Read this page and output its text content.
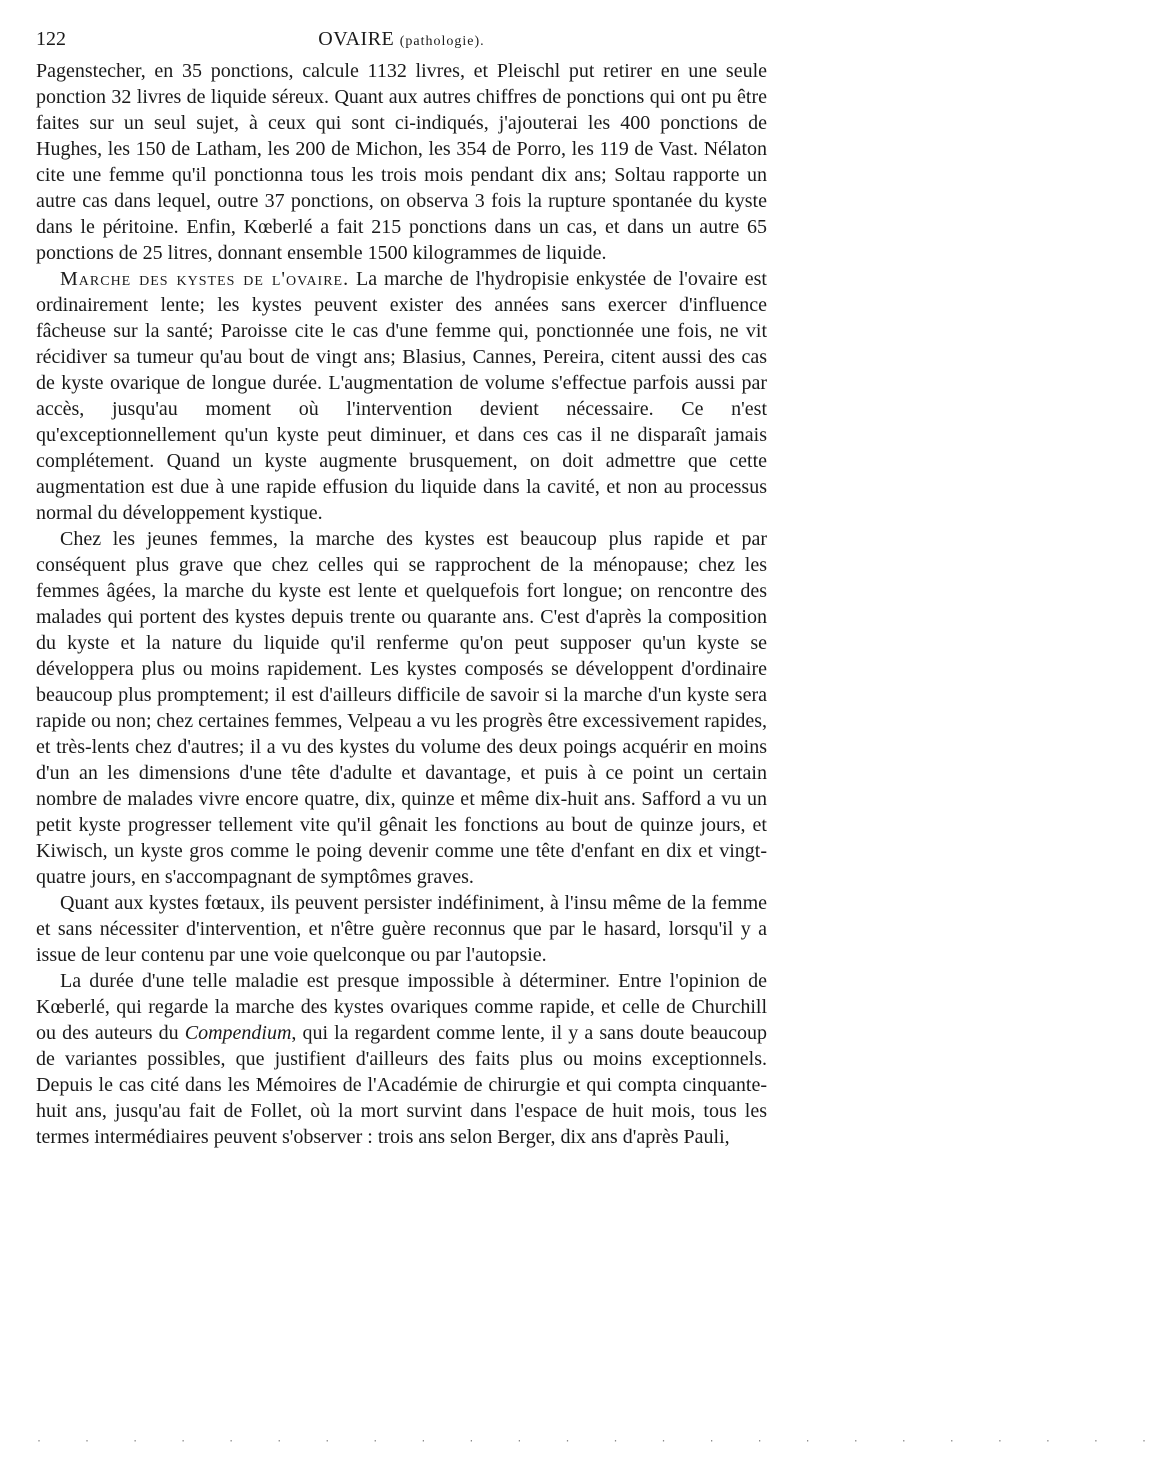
122	OVAIRE (pathologie).

Pagenstecher, en 35 ponctions, calcule 1132 livres, et Pleischl put retirer en une seule ponction 32 livres de liquide séreux. Quant aux autres chiffres de ponctions qui ont pu être faites sur un seul sujet, à ceux qui sont ci-indiqués, j'ajouterai les 400 ponctions de Hughes, les 150 de Latham, les 200 de Michon, les 354 de Porro, les 119 de Vast. Nélaton cite une femme qu'il ponctionna tous les trois mois pendant dix ans; Soltau rapporte un autre cas dans lequel, outre 37 ponctions, on observa 3 fois la rupture spontanée du kyste dans le péritoine. Enfin, Kœberlé a fait 215 ponctions dans un cas, et dans un autre 65 ponctions de 25 litres, donnant ensemble 1500 kilogrammes de liquide.

Marche des kystes de l'ovaire. La marche de l'hydropisie enkystée de l'ovaire est ordinairement lente; les kystes peuvent exister des années sans exercer d'influence fâcheuse sur la santé; Paroisse cite le cas d'une femme qui, ponctionnée une fois, ne vit récidiver sa tumeur qu'au bout de vingt ans; Blasius, Cannes, Pereira, citent aussi des cas de kyste ovarique de longue durée. L'augmentation de volume s'effectue parfois aussi par accès, jusqu'au moment où l'intervention devient nécessaire. Ce n'est qu'exceptionnellement qu'un kyste peut diminuer, et dans ces cas il ne disparaît jamais complétement. Quand un kyste augmente brusquement, on doit admettre que cette augmentation est due à une rapide effusion du liquide dans la cavité, et non au processus normal du développement kystique.

Chez les jeunes femmes, la marche des kystes est beaucoup plus rapide et par conséquent plus grave que chez celles qui se rapprochent de la ménopause; chez les femmes âgées, la marche du kyste est lente et quelquefois fort longue; on rencontre des malades qui portent des kystes depuis trente ou quarante ans. C'est d'après la composition du kyste et la nature du liquide qu'il renferme qu'on peut supposer qu'un kyste se développera plus ou moins rapidement. Les kystes composés se développent d'ordinaire beaucoup plus promptement; il est d'ailleurs difficile de savoir si la marche d'un kyste sera rapide ou non; chez certaines femmes, Velpeau a vu les progrès être excessivement rapides, et très-lents chez d'autres; il a vu des kystes du volume des deux poings acquérir en moins d'un an les dimensions d'une tête d'adulte et davantage, et puis à ce point un certain nombre de malades vivre encore quatre, dix, quinze et même dix-huit ans. Safford a vu un petit kyste progresser tellement vite qu'il gênait les fonctions au bout de quinze jours, et Kiwisch, un kyste gros comme le poing devenir comme une tête d'enfant en dix et vingt-quatre jours, en s'accompagnant de symptômes graves.

Quant aux kystes fœtaux, ils peuvent persister indéfiniment, à l'insu même de la femme et sans nécessiter d'intervention, et n'être guère reconnus que par le hasard, lorsqu'il y a issue de leur contenu par une voie quelconque ou par l'autopsie.

La durée d'une telle maladie est presque impossible à déterminer. Entre l'opinion de Kœberlé, qui regarde la marche des kystes ovariques comme rapide, et celle de Churchill ou des auteurs du Compendium, qui la regardent comme lente, il y a sans doute beaucoup de variantes possibles, que justifient d'ailleurs des faits plus ou moins exceptionnels. Depuis le cas cité dans les Mémoires de l'Académie de chirurgie et qui compta cinquante-huit ans, jusqu'au fait de Follet, où la mort survint dans l'espace de huit mois, tous les termes intermédiaires peuvent s'observer : trois ans selon Berger, dix ans d'après Pauli,

· · · · · · · · · · · · · · · · · · · · · · · ·
